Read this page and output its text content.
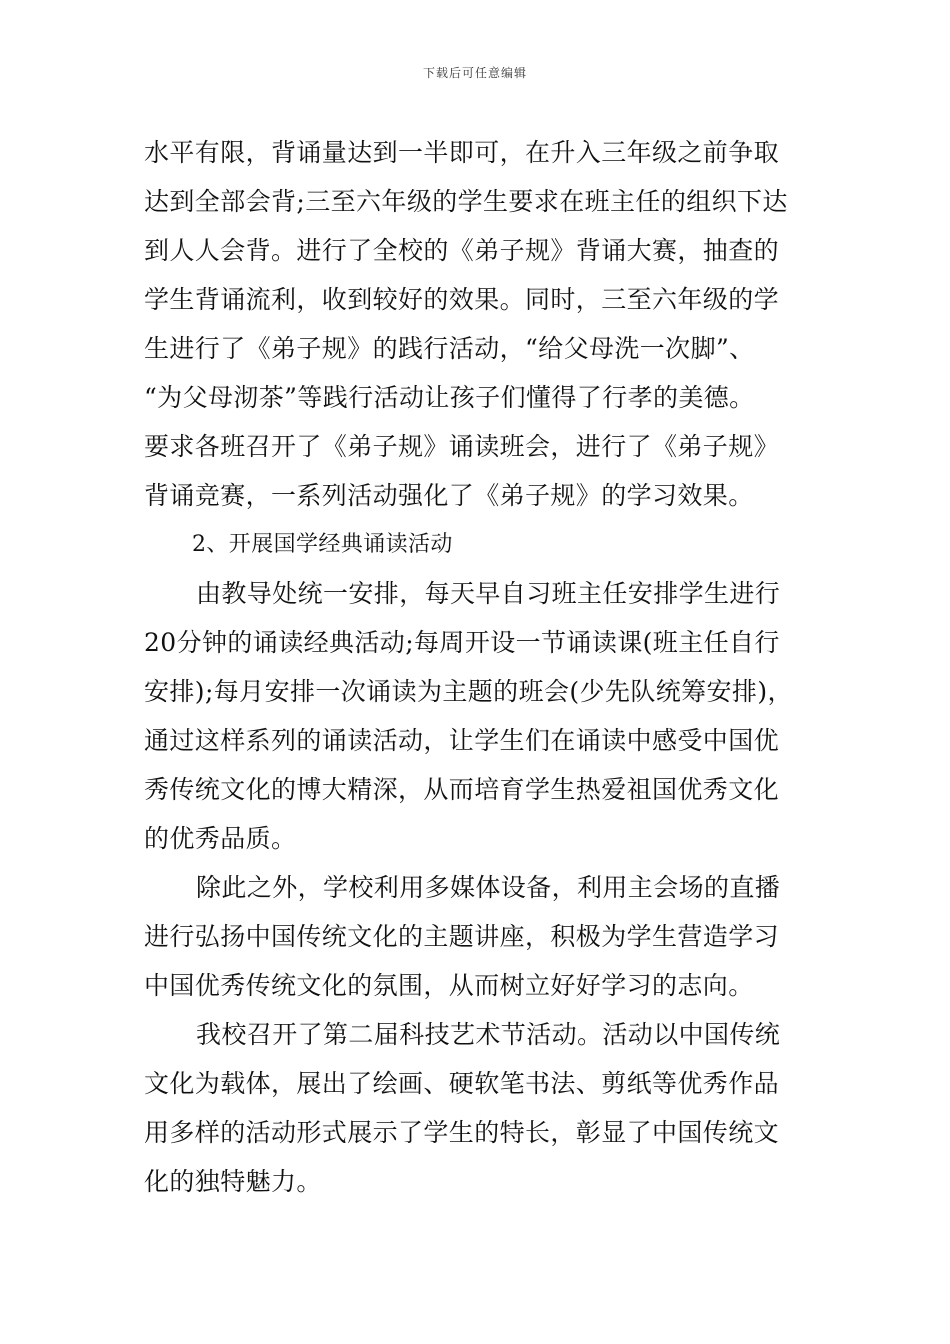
下载后可任意编辑
水平有限，背诵量达到一半即可，在升入三年级之前争取
达到全部会背;三至六年级的学生要求在班主任的组织下达
到人人会背。进行了全校的《弟子规》背诵大赛，抽查的
学生背诵流利，收到较好的效果。同时，三至六年级的学
生进行了《弟子规》的践行活动，“给父母洗一次脚”、
“为父母沏茶”等践行活动让孩子们懂得了行孝的美德。
要求各班召开了《弟子规》诵读班会，进行了《弟子规》
背诵竞赛，一系列活动强化了《弟子规》的学习效果。
2、开展国学经典诵读活动
由教导处统一安排，每天早自习班主任安排学生进行
20分钟的诵读经典活动;每周开设一节诵读课(班主任自行
安排);每月安排一次诵读为主题的班会(少先队统筹安排)，
通过这样系列的诵读活动，让学生们在诵读中感受中国优
秀传统文化的博大精深，从而培育学生热爱祖国优秀文化
的优秀品质。
除此之外，学校利用多媒体设备，利用主会场的直播
进行弘扬中国传统文化的主题讲座，积极为学生营造学习
中国优秀传统文化的氛围，从而树立好好学习的志向。
我校召开了第二届科技艺术节活动。活动以中国传统
文化为载体，展出了绘画、硬软笔书法、剪纸等优秀作品
用多样的活动形式展示了学生的特长，彰显了中国传统文
化的独特魅力。
